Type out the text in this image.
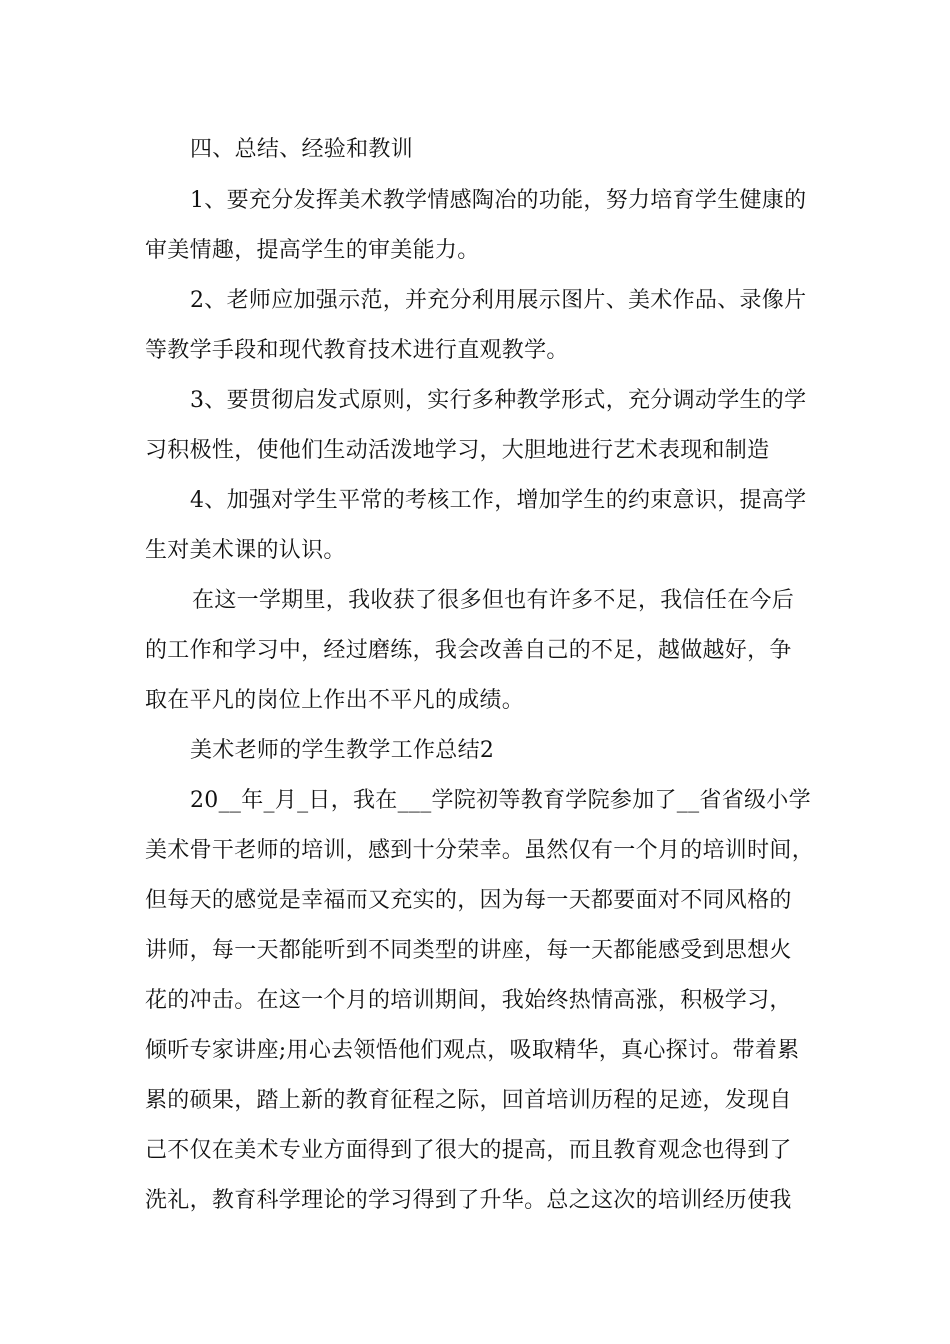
四、总结、经验和教训
1、要充分发挥美术教学情感陶冶的功能，努力培育学生健康的
审美情趣，提高学生的审美能力。
2、老师应加强示范，并充分利用展示图片、美术作品、录像片
等教学手段和现代教育技术进行直观教学。
3、要贯彻启发式原则，实行多种教学形式，充分调动学生的学
习积极性，使他们生动活泼地学习，大胆地进行艺术表现和制造
4、加强对学生平常的考核工作，增加学生的约束意识，提高学
生对美术课的认识。
在这一学期里，我收获了很多但也有许多不足，我信任在今后
的工作和学习中，经过磨练，我会改善自己的不足，越做越好，争
取在平凡的岗位上作出不平凡的成绩。
美术老师的学生教学工作总结2
20__年_月_日，我在___学院初等教育学院参加了__省省级小学
美术骨干老师的培训，感到十分荣幸。虽然仅有一个月的培训时间，
但每天的感觉是幸福而又充实的，因为每一天都要面对不同风格的
讲师，每一天都能听到不同类型的讲座，每一天都能感受到思想火
花的冲击。在这一个月的培训期间，我始终热情高涨，积极学习，
倾听专家讲座;用心去领悟他们观点，吸取精华，真心探讨。带着累
累的硕果，踏上新的教育征程之际，回首培训历程的足迹，发现自
己不仅在美术专业方面得到了很大的提高，而且教育观念也得到了
洗礼，教育科学理论的学习得到了升华。总之这次的培训经历使我
